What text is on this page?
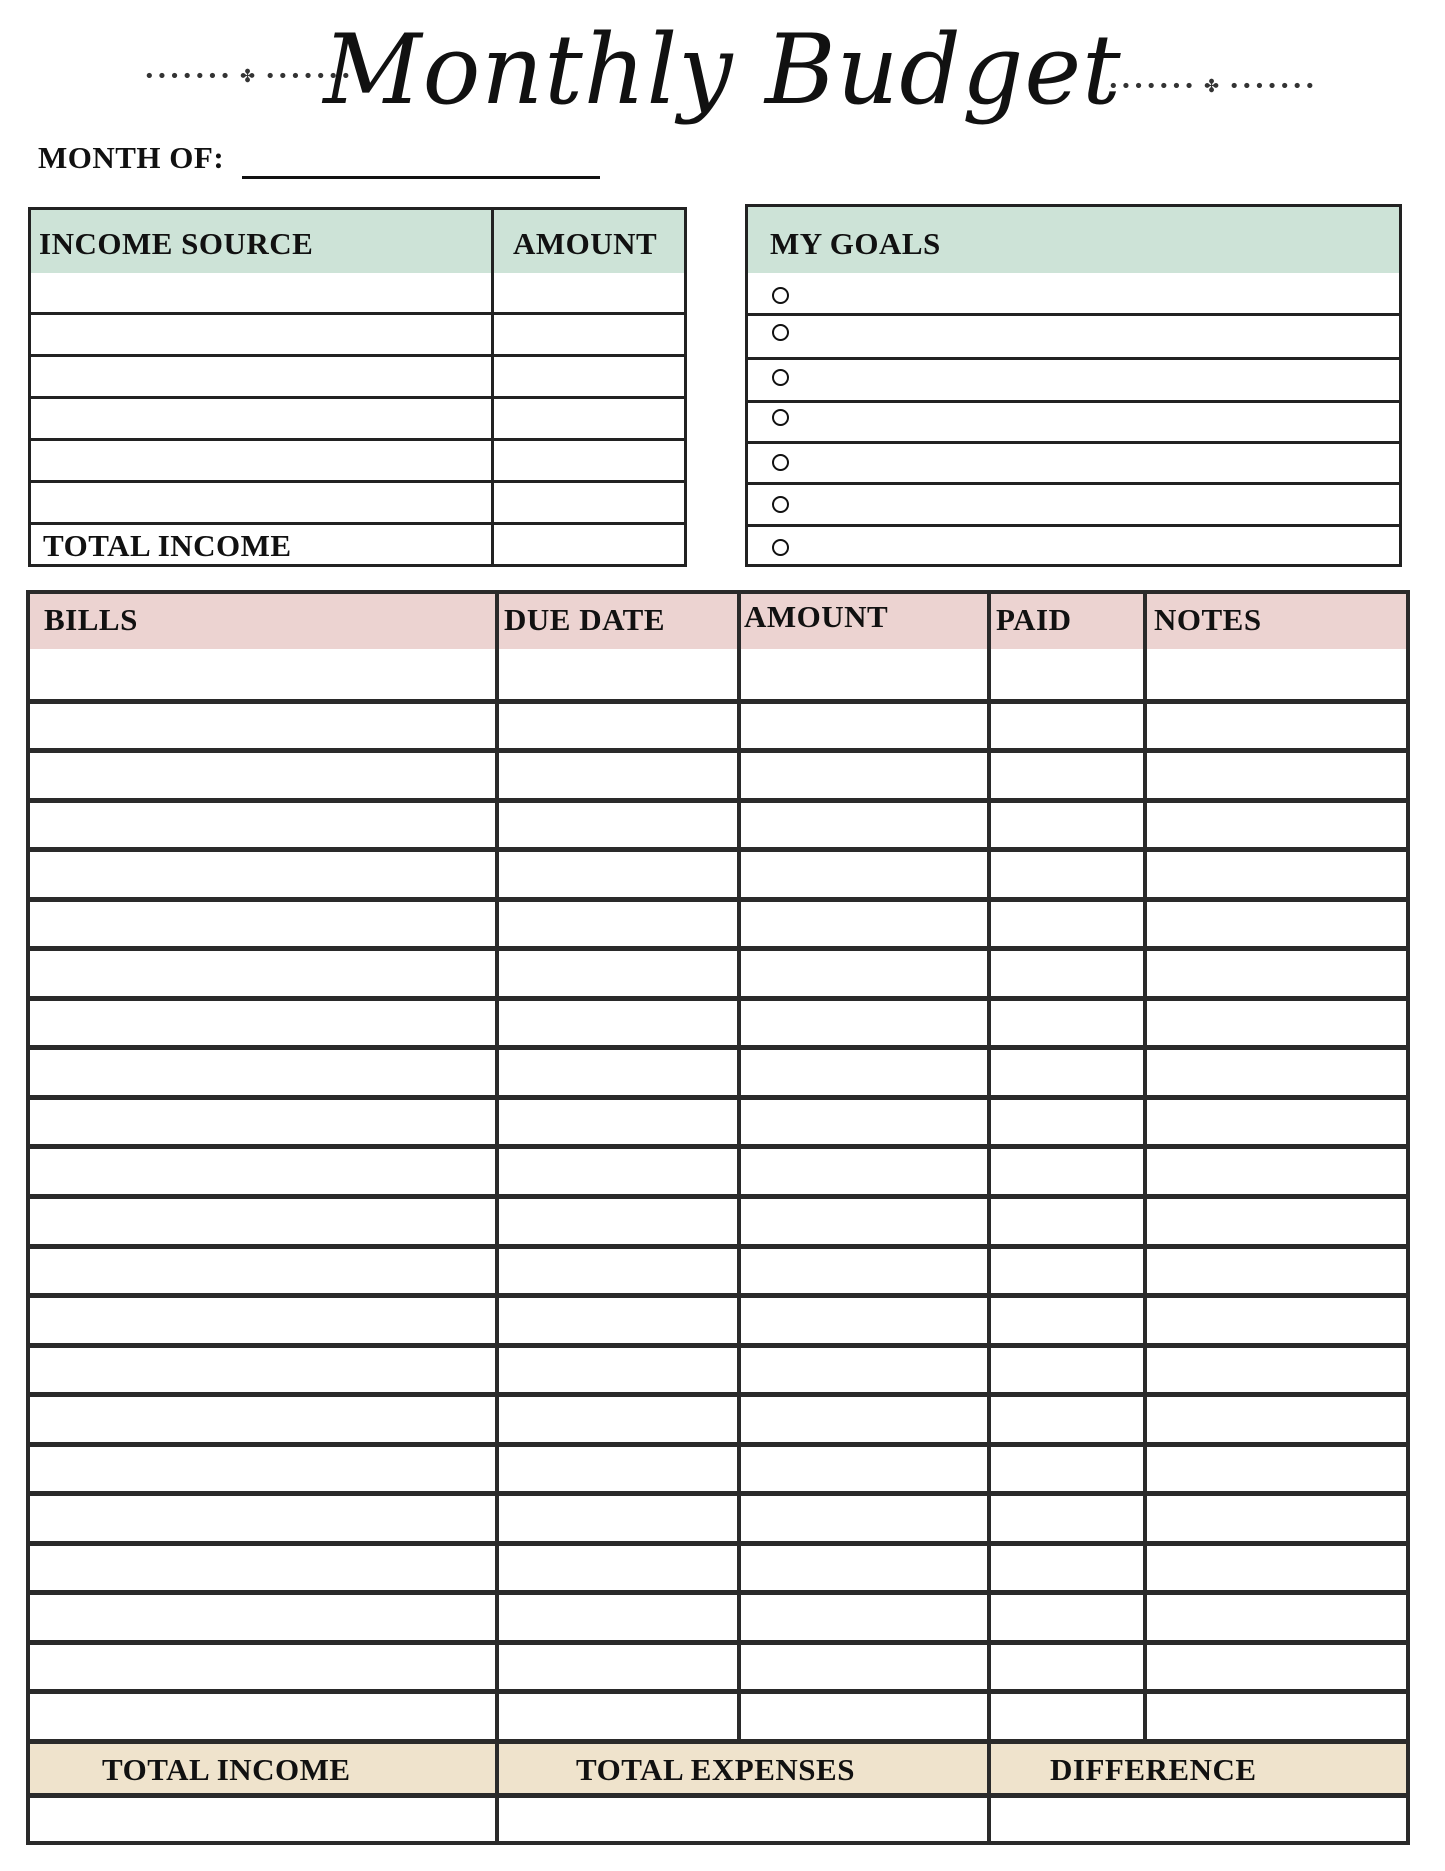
••••••• ✤ •••••••
Monthly Budget
••••••• ✤ •••••••
MONTH OF:
INCOME SOURCE	AMOUNT
TOTAL INCOME
MY GOALS
BILLS	DUE DATE	AMOUNT	PAID	NOTES
TOTAL INCOME	TOTAL EXPENSES	DIFFERENCE
